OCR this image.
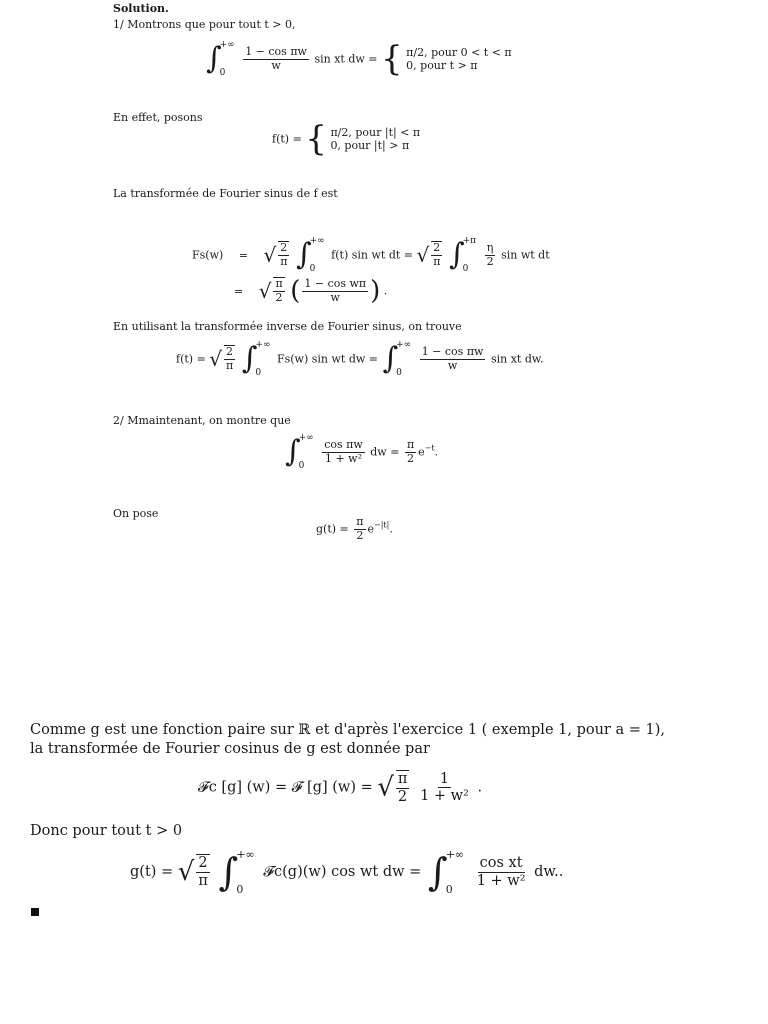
Solution.
1/ Montrons que pour tout t > 0,
∫
+∞
0

$\frac{\text{1 − cos πw}}{w}$ sin xt dw = { π/2, pour 0 < t < π
0, pour t > π
En effet, posons
f(t) = { π/2, pour |t| < π
0, pour |t| > π
La transformée de Fourier sinus de f est
Fs(w) = √ $\frac{2}{\pi}$ ∫
+∞
0
f(t) sin wt dt = √ $\frac{2}{\pi}$ ∫
+π
0

$\frac{\eta}{2}$ sin wt dt
= √ $\frac{\pi}{2}$ ( $\frac{\text{1 − cos wπ}}{w}$ ) .
En utilisant la transformée inverse de Fourier sinus, on trouve
f(t) = √ $\frac{2}{\pi}$ ∫
+∞
0
Fs(w) sin wt dw = ∫
+∞
0

$\frac{\text{1 − cos πw}}{w}$ sin xt dw.
2/ Mmaintenant, on montre que
∫
+∞
0

$\frac{\text{cos πw}}{\text{1 + w²}}$ dw = $\frac{\pi}{2} e^{-t}$.
On pose
$g(t) = \frac{\pi}{2} e^{-|t|}$.
Comme g est une fonction paire sur ℝ et d'après l'exercice 1 ( exemple 1, pour a = 1),
la transformée de Fourier cosinus de g est donnée par
𝓕c [g] (w) = 𝓕 [g] (w) = √ $\frac{\pi}{2}$
$\frac{1}{\text{1 + w²}}$ .
Donc pour tout t > 0
g(t) = √ $\frac{2}{\pi}$ ∫
+∞
0
𝓕c(g)(w) cos wt dw = ∫
+∞
0

$\frac{\text{cos xt}}{\text{1 + w²}}$ dw..
